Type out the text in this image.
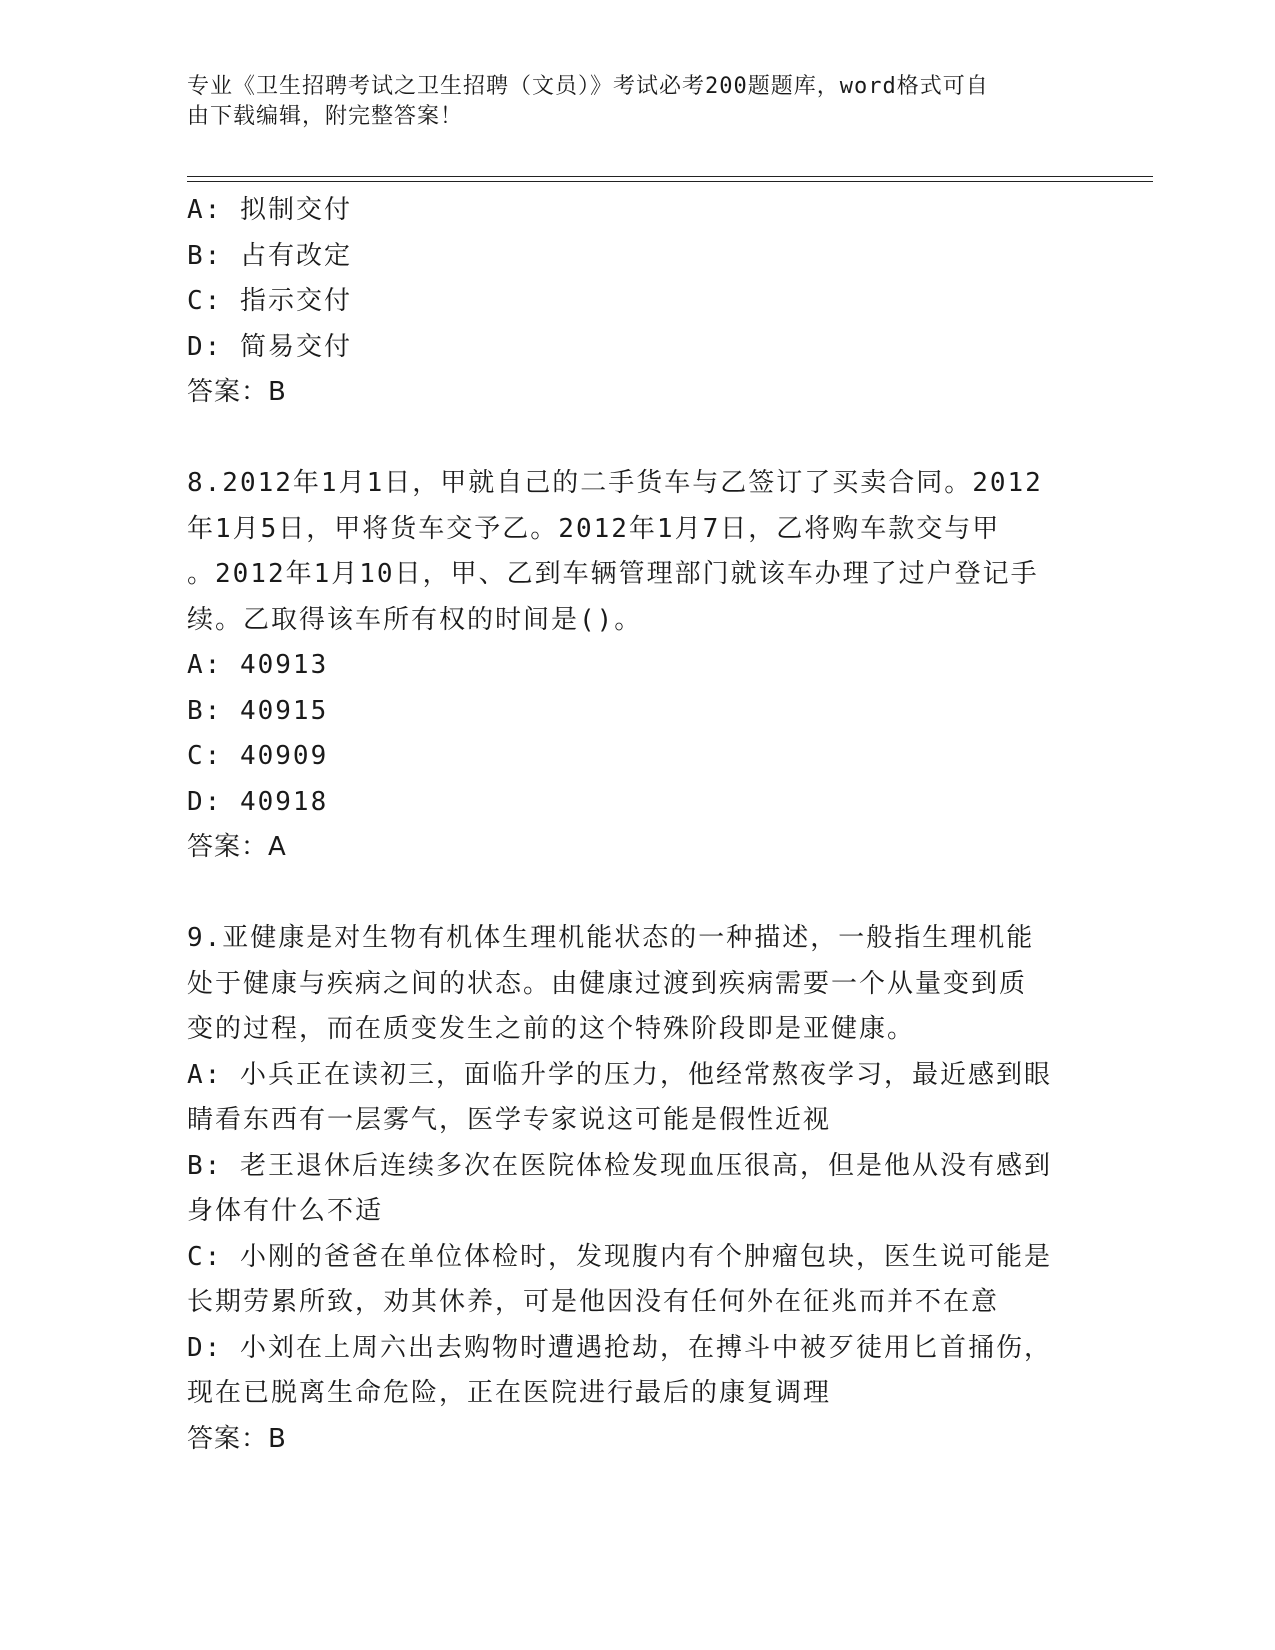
专业《卫生招聘考试之卫生招聘（文员）》考试必考200题题库，word格式可自
由下载编辑，附完整答案！
A: 拟制交付
B: 占有改定
C: 指示交付
D: 简易交付
答案：B
8.2012年1月1日，甲就自己的二手货车与乙签订了买卖合同。2012
年1月5日，甲将货车交予乙。2012年1月7日，乙将购车款交与甲
。2012年1月10日，甲、乙到车辆管理部门就该车办理了过户登记手
续。乙取得该车所有权的时间是()。
A: 40913
B: 40915
C: 40909
D: 40918
答案：A
9.亚健康是对生物有机体生理机能状态的一种描述，一般指生理机能
处于健康与疾病之间的状态。由健康过渡到疾病需要一个从量变到质
变的过程，而在质变发生之前的这个特殊阶段即是亚健康。
A: 小兵正在读初三，面临升学的压力，他经常熬夜学习，最近感到眼
睛看东西有一层雾气，医学专家说这可能是假性近视
B: 老王退休后连续多次在医院体检发现血压很高，但是他从没有感到
身体有什么不适
C: 小刚的爸爸在单位体检时，发现腹内有个肿瘤包块，医生说可能是
长期劳累所致，劝其休养，可是他因没有任何外在征兆而并不在意
D: 小刘在上周六出去购物时遭遇抢劫，在搏斗中被歹徒用匕首捅伤，
现在已脱离生命危险，正在医院进行最后的康复调理
答案：B
